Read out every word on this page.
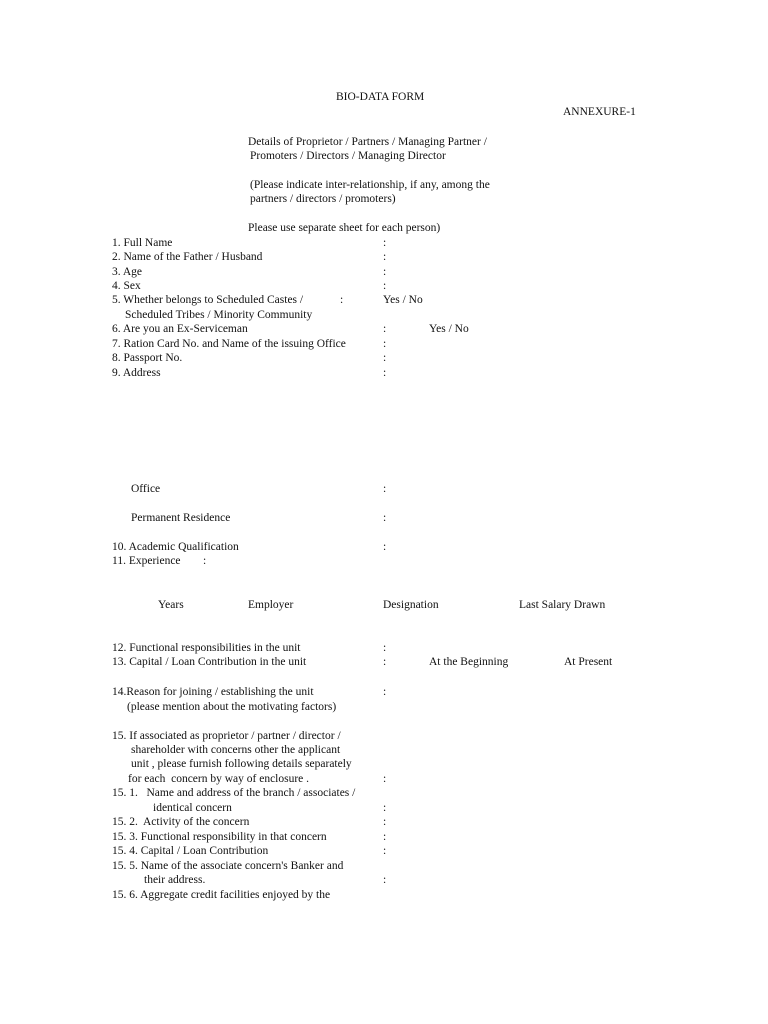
BIO-DATA FORM
ANNEXURE-1
Details of Proprietor / Partners / Managing Partner /
Promoters / Directors / Managing Director
(Please indicate inter-relationship, if any, among the
partners / directors / promoters)
Please use separate sheet for each person)
1. Full Name	:
2. Name of the Father / Husband	:
3. Age	:
4. Sex	:
5. Whether belongs to Scheduled Castes /	:	Yes / No
Scheduled Tribes / Minority Community
6. Are you an Ex-Serviceman	:	Yes / No
7. Ration Card No. and Name of the issuing Office	:
8. Passport No.	:
9. Address	:
Office	:
Permanent Residence	:
10. Academic Qualification	:
11. Experience :
Years	Employer	Designation	Last Salary Drawn
12. Functional responsibilities in the unit	:
13. Capital / Loan Contribution in the unit	:	At the Beginning	At Present
14.Reason for joining / establishing the unit	:
(please mention about the motivating factors)
15. If associated as proprietor / partner / director /
shareholder with concerns other the applicant
unit , please furnish following details separately
for each  concern by way of enclosure .	:
15. 1.   Name and address of the branch / associates /
identical concern	:
15. 2.  Activity of the concern	:
15. 3. Functional responsibility in that concern	:
15. 4. Capital / Loan Contribution	:
15. 5. Name of the associate concern's Banker and
their address.	:
15. 6. Aggregate credit facilities enjoyed by the
